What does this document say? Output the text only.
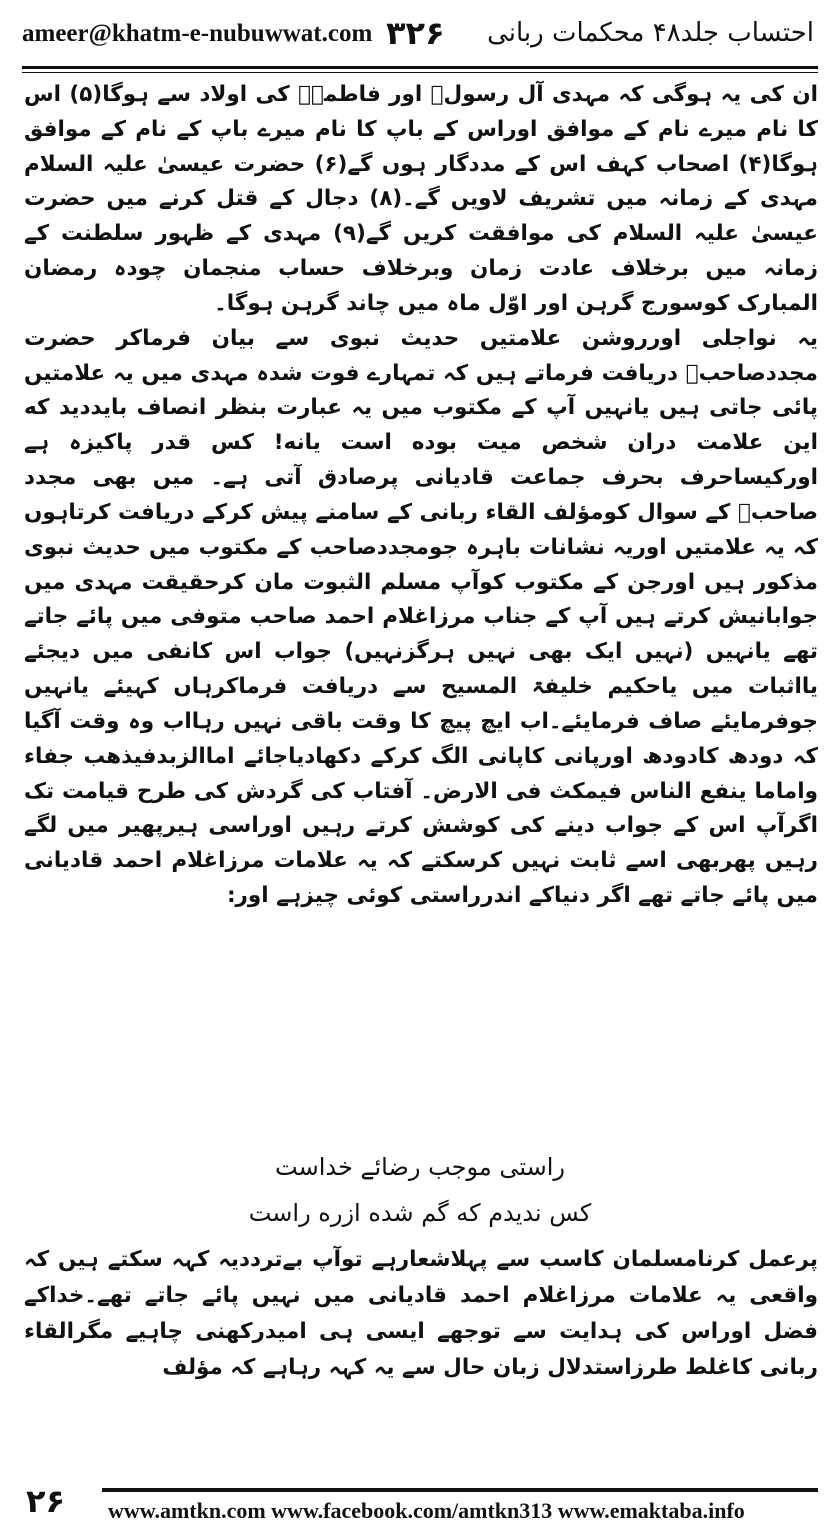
ameer@khatm-e-nubuwwat.com ۳۲۶ احتساب جلد۴۸ محکمات ربانی

ان کی یہ ہوگی کہ مہدی آل رسولؐ اور فاطمہؓ کی اولاد سے ہوگا(۵) اس کا نام میرے نام کے موافق اوراس کے باپ کا نام میرے باپ کے نام کے موافق ہوگا(۴) اصحاب کہف اس کے مددگار ہوں گے(۶) حضرت عیسیٰ علیہ السلام مہدی کے زمانہ میں تشریف لاویں گے۔(۸) دجال کے قتل کرنے میں حضرت عیسیٰ علیہ السلام کی موافقت کریں گے(۹) مہدی کے ظہور سلطنت کے زمانہ میں برخلاف عادت زمان وبرخلاف حساب منجمان چودہ رمضان المبارک کوسورج گرہن اور اوّل ماہ میں چاند گرہن ہوگا۔

یہ نواجلی اورروشن علامتیں حدیث نبوی سے بیان فرماکر حضرت مجددصاحبؒ دریافت فرماتے ہیں کہ تمہارے فوت شدہ مہدی میں یہ علامتیں پائی جاتی ہیں یانہیں آپ کے مکتوب میں یہ عبارت بنظر انصاف بایددید که این علامت دران شخص میت بوده است یانه! کس قدر پاکیزہ ہے اورکیساحرف بحرف جماعت قادیانی پرصادق آتی ہے۔ میں بھی مجدد صاحبؒ کے سوال کومؤلف القاء ربانی کے سامنے پیش کرکے دریافت کرتاہوں کہ یہ علامتیں اوریہ نشانات باہرہ جومجددصاحب کے مکتوب میں حدیث نبوی مذکور ہیں اورجن کے مکتوب کوآپ مسلم الثبوت مان کرحقیقت مہدی میں جوابانیش کرتے ہیں آپ کے جناب مرزاغلام احمد صاحب متوفی میں پائے جاتے تھے یانہیں (نہیں ایک بھی نہیں ہرگزنہیں) جواب اس کانفی میں دیجئے یااثبات میں یاحکیم خلیفۃ المسیح سے دریافت فرماکرہاں کہیئے یانہیں جوفرمایئے صاف فرمایئے۔اب ایچ پیچ کا وقت باقی نہیں رہااب وہ وقت آگیا کہ دودھ کادودھ اورپانی کاپانی الگ کرکے دکھادیاجائے اماالزبدفیذهب جفاء واماما ینفع الناس فیمکث فی الارض۔ آفتاب کی گردش کی طرح قیامت تک اگرآپ اس کے جواب دینے کی کوشش کرتے رہیں اوراسی ہیرپھیر میں لگے رہیں پھربھی اسے ثابت نہیں کرسکتے کہ یہ علامات مرزاغلام احمد قادیانی میں پائے جاتے تھے اگر دنیاکے اندرراستی کوئی چیزہے اور:

راستی موجب رضائے خداست
کس ندیدم که گم شده ازره راست

پرعمل کرنامسلمان کاسب سے پہلاشعارہے توآپ بےترددیہ کہہ سکتے ہیں کہ واقعی یہ علامات مرزاغلام احمد قادیانی میں نہیں پائے جاتے تھے۔خداکے فضل اوراس کی ہدایت سے توجھے ایسی ہی امیدرکھنی چاہیے مگرالقاء ربانی کاغلط طرزاستدلال زبان حال سے یہ کہہ رہاہے کہ مؤلف

۲۶ www.amtkn.com www.facebook.com/amtkn313 www.emaktaba.info
